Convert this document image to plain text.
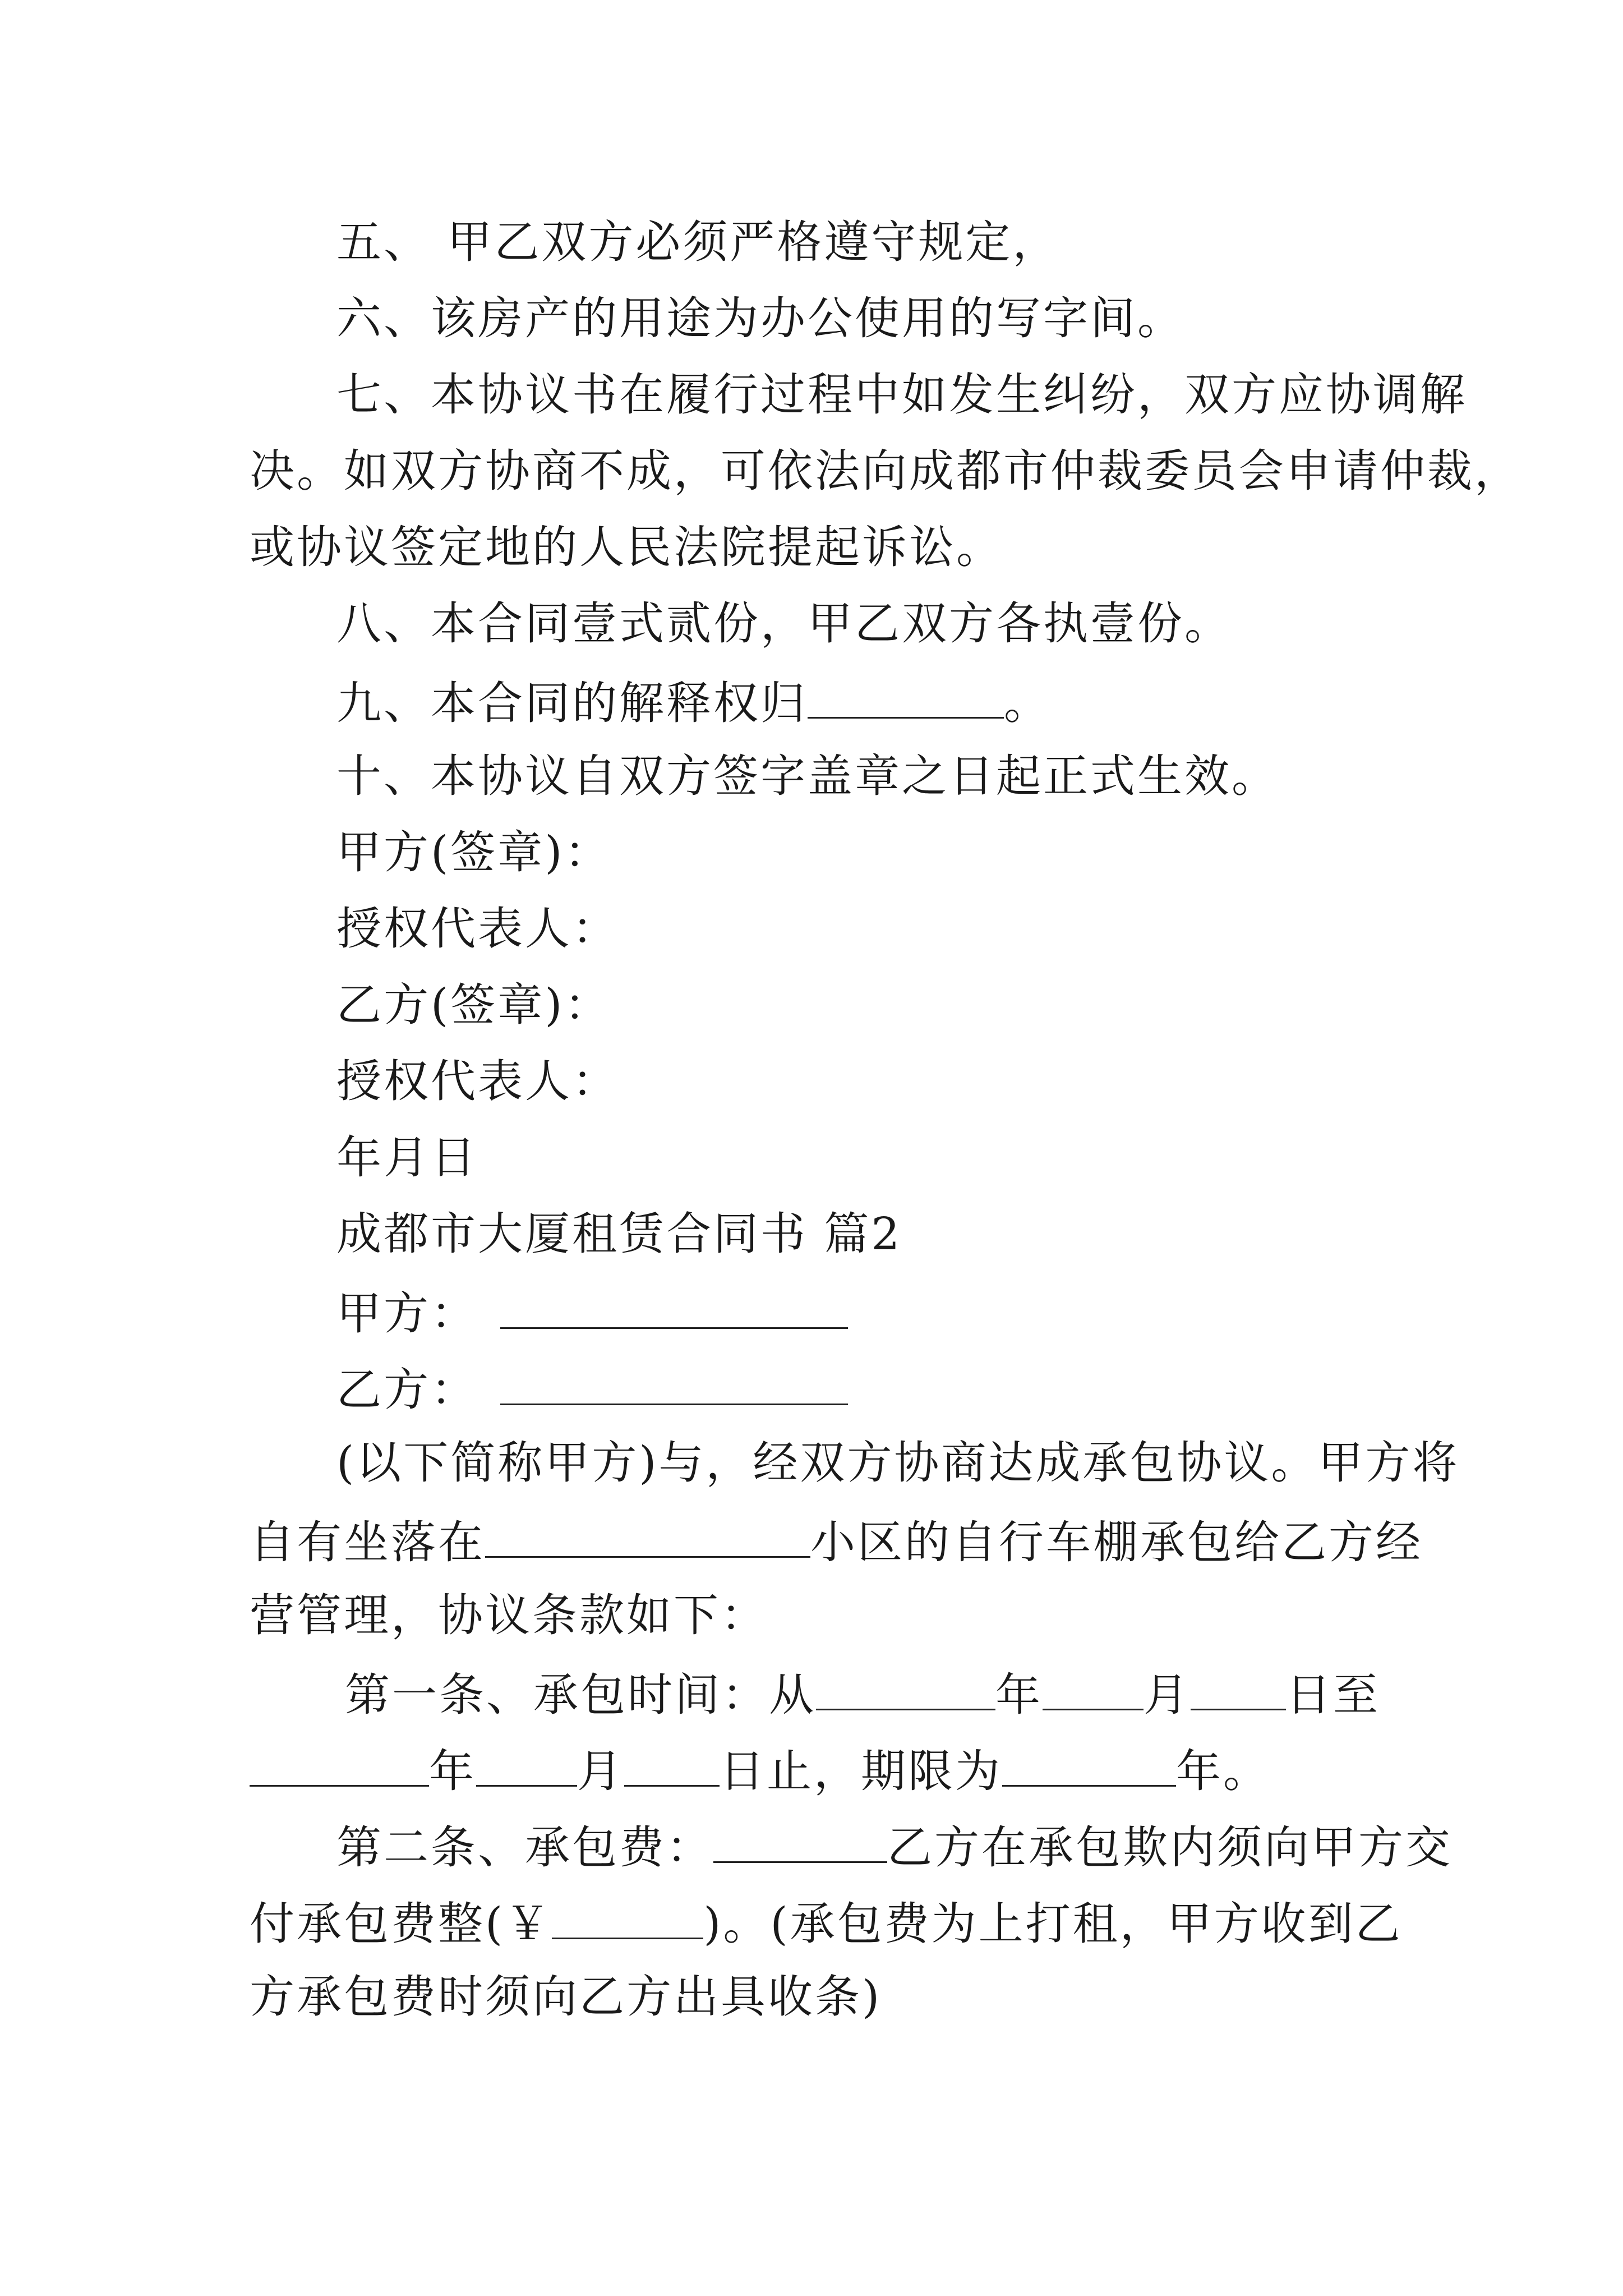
五、 甲乙双方必须严格遵守规定，
六、该房产的用途为办公使用的写字间。
七、本协议书在履行过程中如发生纠纷，双方应协调解
决。如双方协商不成，可依法向成都市仲裁委员会申请仲裁，
或协议签定地的人民法院提起诉讼。
八、本合同壹式贰份，甲乙双方各执壹份。
九、本合同的解释权归	。
十、本协议自双方签字盖章之日起正式生效。
甲方(签章)：
授权代表人：
乙方(签章)：
授权代表人：
年月日
成都市大厦租赁合同书 篇2
甲方：
乙方：
(以下简称甲方)与，经双方协商达成承包协议。甲方将
自有坐落在	小区的自行车棚承包给乙方经
营管理，协议条款如下：
第一条、承包时间：从	年 月 日至
年 月 日止，期限为	年。
第二条、承包费：	乙方在承包欺内须向甲方交
付承包费整(￥	)。(承包费为上打租，甲方收到乙
方承包费时须向乙方出具收条)
